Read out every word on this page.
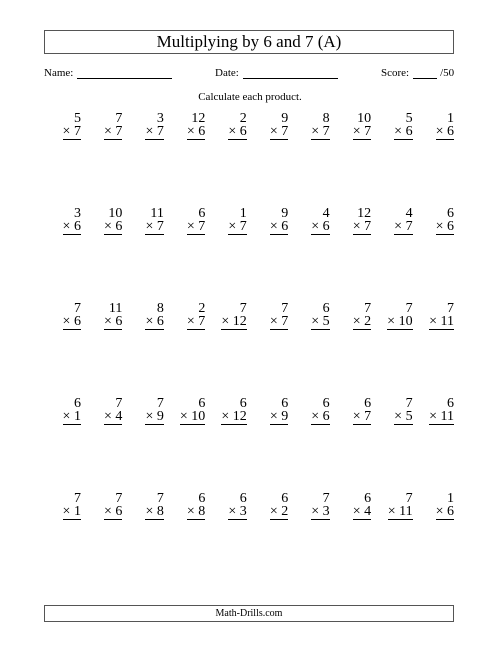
Multiplying by 6 and 7 (A)
Name:	Date:	Score:	/50
Calculate each product.
5
× 7
7
× 7
3
× 7
12
× 6
2
× 6
9
× 7
8
× 7
10
× 7
5
× 6
1
× 6
3
× 6
10
× 6
11
× 7
6
× 7
1
× 7
9
× 6
4
× 6
12
× 7
4
× 7
6
× 6
7
× 6
11
× 6
8
× 6
2
× 7
7
× 12
7
× 7
6
× 5
7
× 2
7
× 10
7
× 11
6
× 1
7
× 4
7
× 9
6
× 10
6
× 12
6
× 9
6
× 6
6
× 7
7
× 5
6
× 11
7
× 1
7
× 6
7
× 8
6
× 8
6
× 3
6
× 2
7
× 3
6
× 4
7
× 11
1
× 6
Math-Drills.com
